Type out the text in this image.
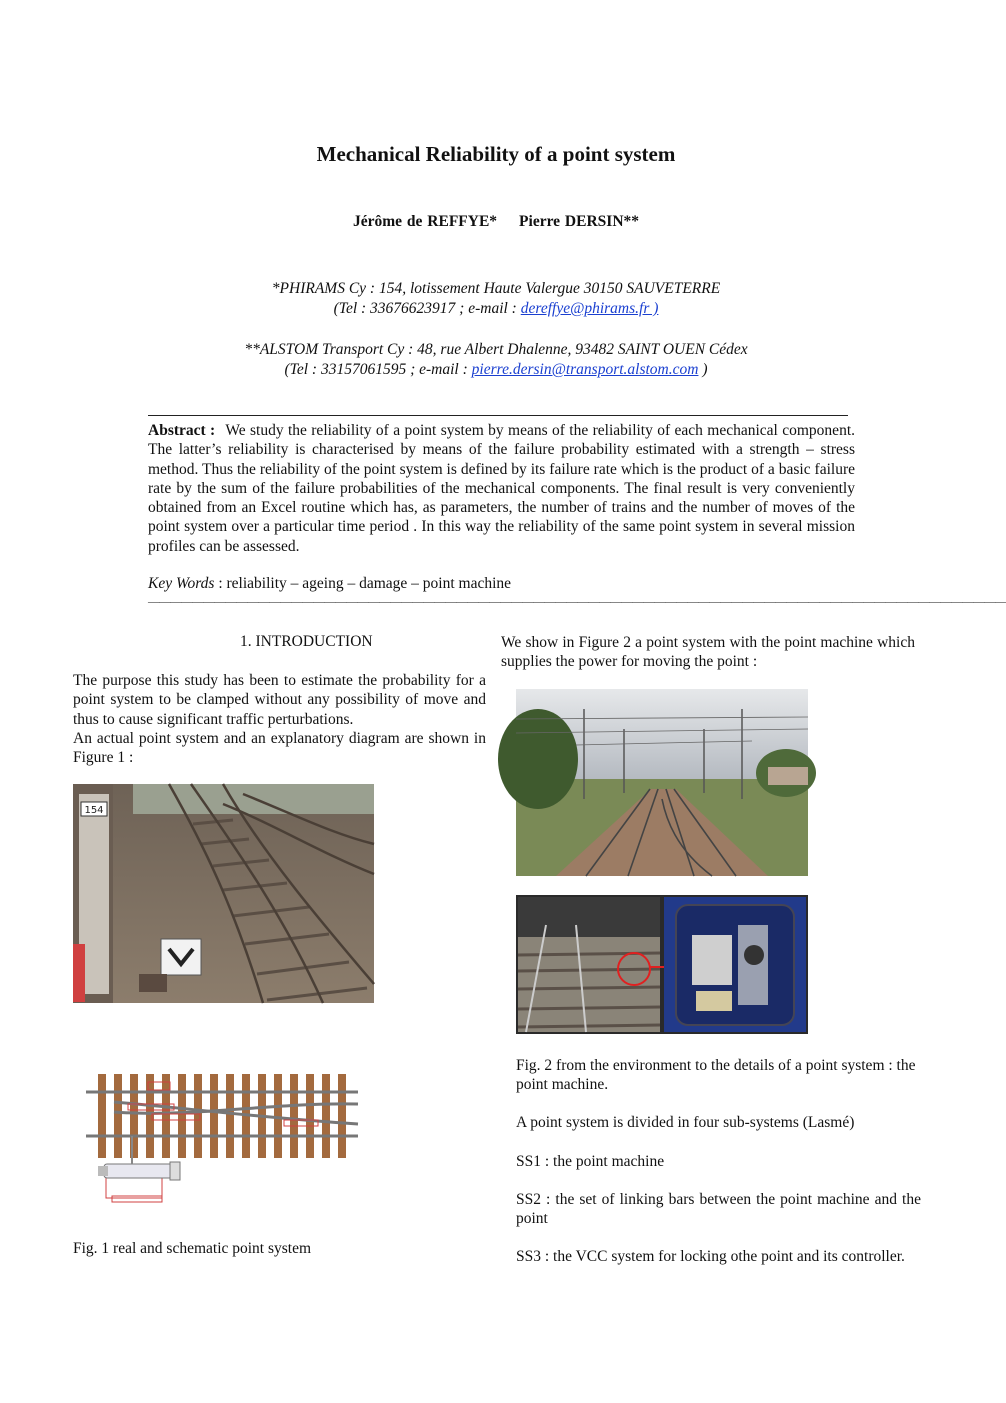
Mechanical Reliability of a point system
Jérôme de REFFYE* Pierre DERSIN**
*PHIRAMS Cy : 154, lotissement Haute Valergue 30150 SAUVETERRE
(Tel : 33676623917 ; e-mail : dereffye@phirams.fr )
**ALSTOM Transport Cy : 48, rue Albert Dhalenne, 93482 SAINT OUEN Cédex
(Tel : 33157061595 ; e-mail : pierre.dersin@transport.alstom.com )
Abstract : We study the reliability of a point system by means of the reliability of each mechanical component. The latter’s reliability is characterised by means of the failure probability estimated with a strength – stress method. Thus the reliability of the point system is defined by its failure rate which is the product of a basic failure rate by the sum of the failure probabilities of the mechanical components. The final result is very conveniently obtained from an Excel routine which has, as parameters, the number of trains and the number of moves of the point system over a particular time period . In this way the reliability of the same point system in several mission profiles can be assessed.
Key Words : reliability – ageing – damage – point machine
——————————————————————————————————————————————————————————————————————————————
1. INTRODUCTION
The purpose this study has been to estimate the probability for a point system to be clamped without any possibility of move and thus to cause significant traffic perturbations.
An actual point system and an explanatory diagram are shown in Figure 1 :
154
Fig. 1 real and schematic point system
We show in Figure 2 a point system with the point machine which supplies the power for moving the point :
Fig. 2 from the environment to the details of a point system : the point machine.
A point system is divided in four sub-systems (Lasmé)
SS1 : the point machine
SS2 : the set of linking bars between the point machine and the point
SS3 : the VCC system for locking othe point and its controller.
